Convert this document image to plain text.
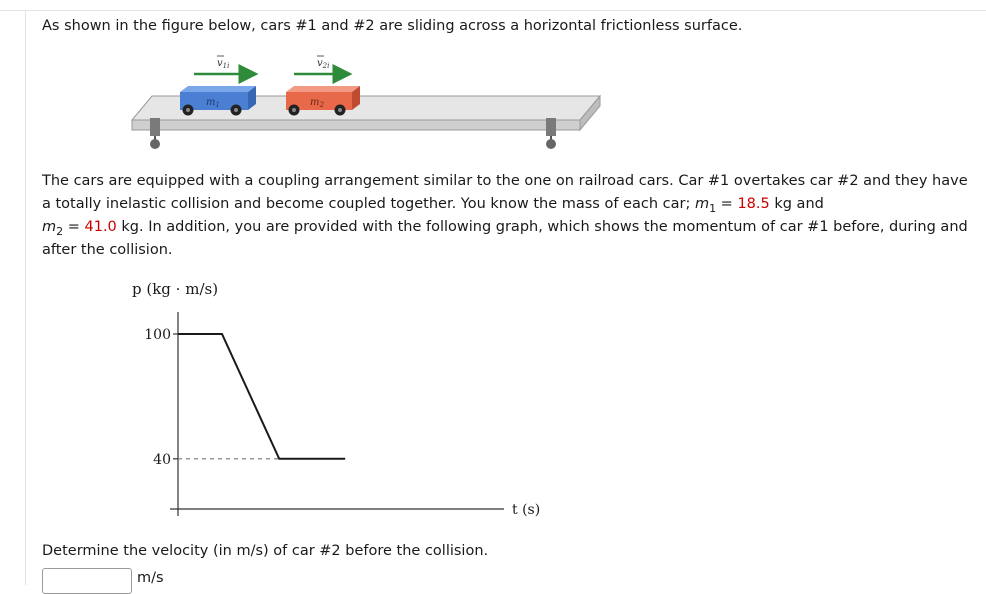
As shown in the figure below, cars #1 and #2 are sliding across a horizontal frictionless surface.

$m_1$	$m_2$
$v_{1i}$	$v_{2i}$

The cars are equipped with a coupling arrangement similar to the one on railroad cars. Car #1 overtakes car #2 and they have a totally inelastic collision and become coupled together. You know the mass of each car; $m_1 = 18.5$ kg and
$m_2 = 41.0$ kg. In addition, you are provided with the following graph, which shows the momentum of car #1 before, during and after the collision.

p (kg · m/s)
t (s)
100
40

Determine the velocity (in m/s) of car #2 before the collision.

m/s
